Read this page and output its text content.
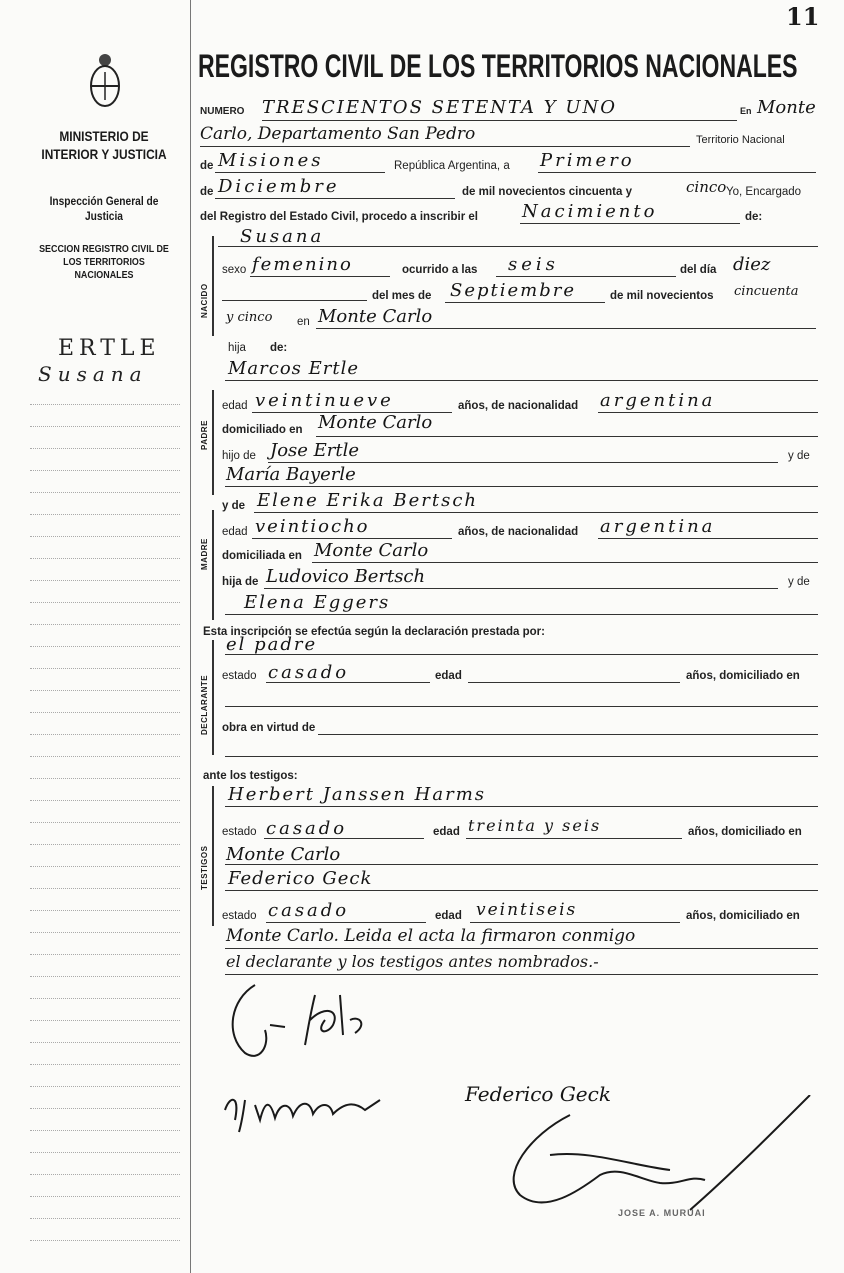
MINISTERIO DE INTERIOR Y JUSTICIA
Inspección General de Justicia
SECCION REGISTRO CIVIL DE LOS TERRITORIOS NACIONALES
ERTLE
Susana
11
REGISTRO CIVIL DE LOS TERRITORIOS NACIONALES
NUMERO TRESCIENTOS SETENTA Y UNO	En Monte
Carlo, Departamento San Pedro	Territorio Nacional
de Misiones	República Argentina, a Primero
de Diciembre	de mil novecientos cincuenta y	cinco Yo, Encargado
del Registro del Estado Civil, procedo a inscribir el Nacimiento	de:
NACIDO
Susana
sexo femenino	ocurrido a las seis	del día diez
del mes de Septiembre	de mil novecientos cincuenta
y cinco en Monte Carlo
hija de:
PADRE
Marcos Ertle
edad veintinueve	años, de nacionalidad argentina
domiciliado en Monte Carlo
hijo de Jose Ertle	y de
María Bayerle
y de Elene Erika Bertsch
MADRE
edad veintiocho	años, de nacionalidad argentina
domiciliada en Monte Carlo
hija de Ludovico Bertsch	y de
Elena Eggers
Esta inscripción se efectúa según la declaración prestada por:
DECLARANTE
el padre
estado casado	edad	años, domiciliado en
obra en virtud de
ante los testigos:
TESTIGOS
Herbert Janssen Harms
estado casado	edad treinta y seis	años, domiciliado en
Monte Carlo
Federico Geck
estado casado	edad veintiseis	años, domiciliado en
Monte Carlo. Leida el acta la firmaron conmigo
el declarante y los testigos antes nombrados.-
Federico Geck
JOSE A. MURUAI
